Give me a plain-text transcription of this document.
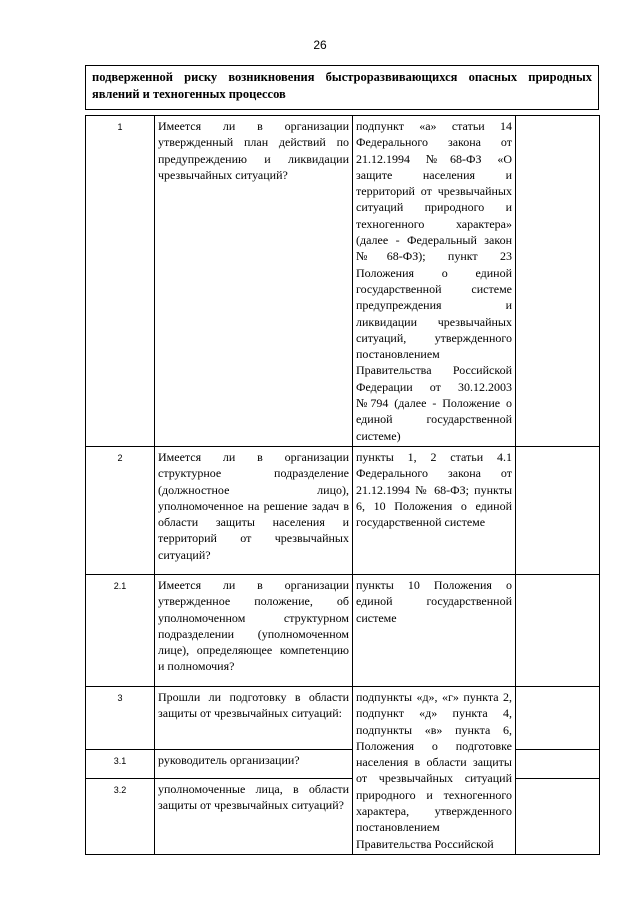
26
подверженной риску возникновения быстроразвивающихся опасных природных
явлений и техногенных процессов
1	Имеется ли в организации утвержденный план действий по предупреждению и ликвидации чрезвычайных ситуаций?	подпункт «а» статьи 14 Федерального закона от 21.12.1994 №68-ФЗ «О защите населения и территорий от чрезвычайных ситуаций природного и техногенного характера» (далее - Федеральный закон №68-ФЗ); пункт 23 Положения о единой государственной системе предупреждения и ликвидации чрезвычайных ситуаций, утвержденного постановлением Правительства Российской Федерации от 30.12.2003 №794 (далее - Положение о единой государственной системе)	
2	Имеется ли в организации структурное подразделение (должностное лицо), уполномоченное на решение задач в области защиты населения и территорий от чрезвычайных ситуаций?	пункты 1, 2 статьи 4.1 Федерального закона от 21.12.1994 № 68-ФЗ; пункты 6, 10 Положения о единой государственной системе	
2.1	Имеется ли в организации утвержденное положение, об уполномоченном структурном подразделении (уполномоченном лице), определяющее компетенцию и полномочия?	пункты 10 Положения о единой государственной системе	
3	Прошли ли подготовку в области защиты от чрезвычайных ситуаций:	подпункты «д», «г» пункта 2, подпункт «д» пункта 4, подпункты «в» пункта 6, Положения о подготовке населения в области защиты от чрезвычайных ситуаций природного и техногенного характера, утвержденного постановлением Правительства Российской	
3.1	руководитель организации?		
3.2	уполномоченные лица, в области защиты от чрезвычайных ситуаций?		
